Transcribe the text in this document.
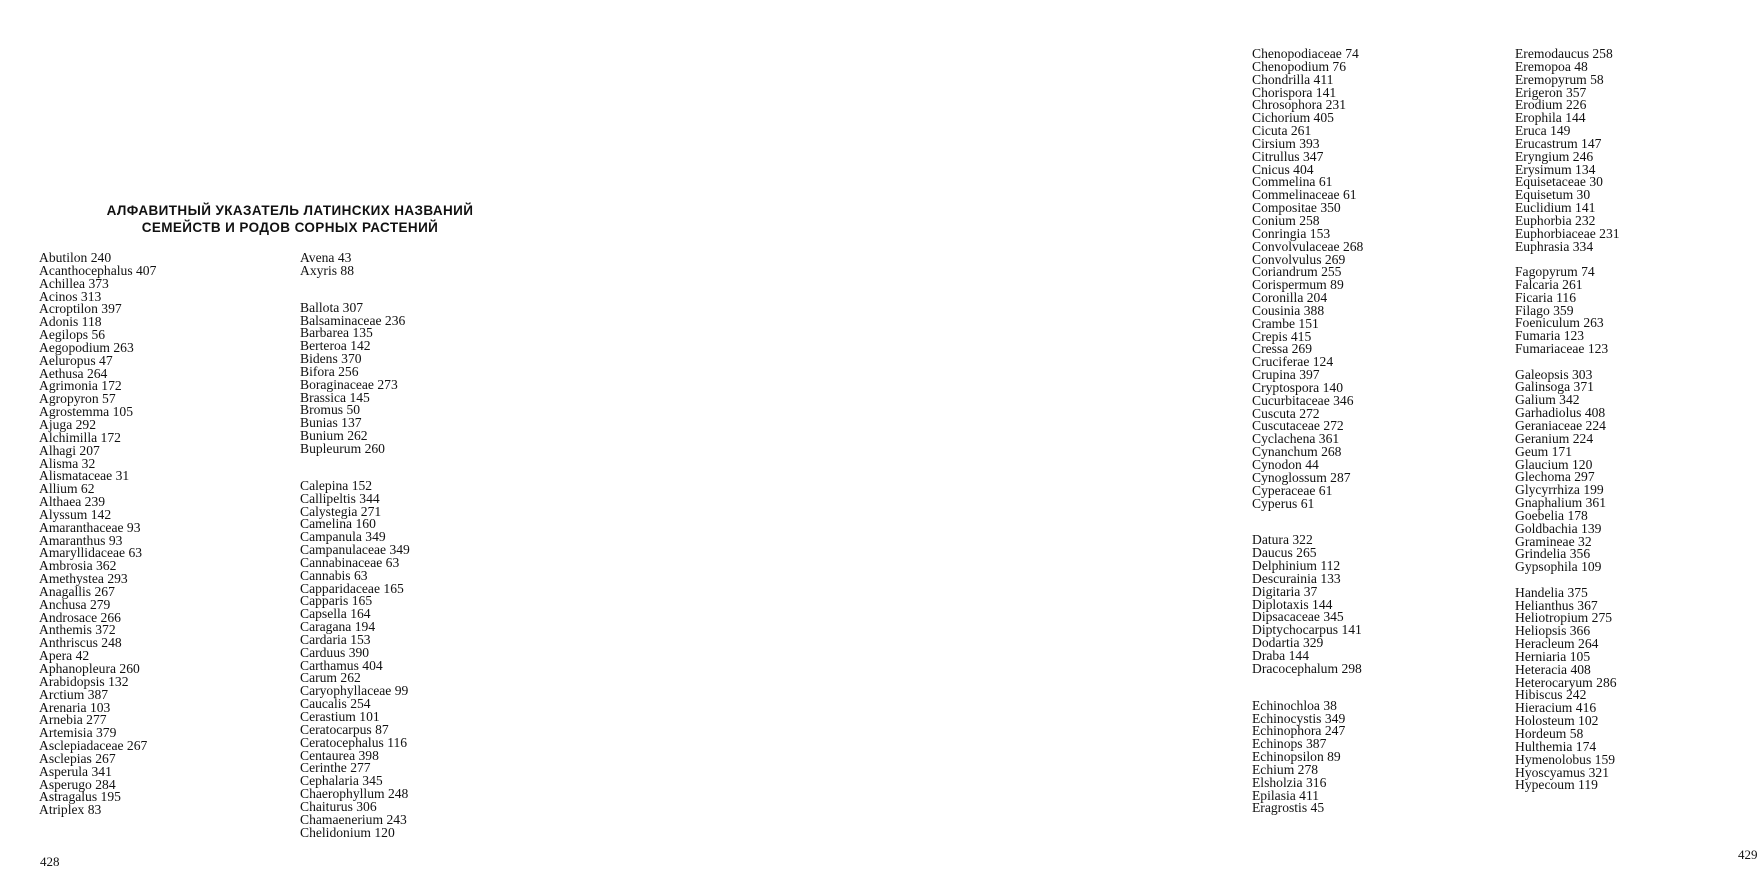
АЛФАВИТНЫЙ УКАЗАТЕЛЬ ЛАТИНСКИХ НАЗВАНИЙ
СЕМЕЙСТВ И РОДОВ СОРНЫХ РАСТЕНИЙ
Abutilon 240
Acanthocephalus 407
Achillea 373
Acinos 313
Acroptilon 397
Adonis 118
Aegilops 56
Aegopodium 263
Aeluropus 47
Aethusa 264
Agrimonia 172
Agropyron 57
Agrostemma 105
Ajuga 292
Alchimilla 172
Alhagi 207
Alisma 32
Alismataceae 31
Allium 62
Althaea 239
Alyssum 142
Amaranthaceae 93
Amaranthus 93
Amaryllidaceae 63
Ambrosia 362
Amethystea 293
Anagallis 267
Anchusa 279
Androsace 266
Anthemis 372
Anthriscus 248
Apera 42
Aphanopleura 260
Arabidopsis 132
Arctium 387
Arenaria 103
Arnebia 277
Artemisia 379
Asclepiadaceae 267
Asclepias 267
Asperula 341
Asperugo 284
Astragalus 195
Atriplex 83
Avena 43
Axyris 88
Ballota 307
Balsaminaceae 236
Barbarea 135
Berteroa 142
Bidens 370
Bifora 256
Boraginaceae 273
Brassica 145
Bromus 50
Bunias 137
Bunium 262
Bupleurum 260
Calepina 152
Callipeltis 344
Calystegia 271
Camelina 160
Campanula 349
Campanulaceae 349
Cannabinaceae 63
Cannabis 63
Capparidaceae 165
Capparis 165
Capsella 164
Caragana 194
Cardaria 153
Carduus 390
Carthamus 404
Carum 262
Caryophyllaceae 99
Caucalis 254
Cerastium 101
Ceratocarpus 87
Ceratocephalus 116
Centaurea 398
Cerinthe 277
Cephalaria 345
Chaerophyllum 248
Chaiturus 306
Chamaenerium 243
Chelidonium 120
428
Chenopodiaceae 74
Chenopodium 76
Chondrilla 411
Chorispora 141
Chrosophora 231
Cichorium 405
Cicuta 261
Cirsium 393
Citrullus 347
Cnicus 404
Commelina 61
Commelinaceae 61
Compositae 350
Conium 258
Conringia 153
Convolvulaceae 268
Convolvulus 269
Coriandrum 255
Corispermum 89
Coronilla 204
Cousinia 388
Crambe 151
Crepis 415
Cressa 269
Cruciferae 124
Crupina 397
Cryptospora 140
Cucurbitaceae 346
Cuscuta 272
Cuscutaceae 272
Cyclachena 361
Cynanchum 268
Cynodon 44
Cynoglossum 287
Cyperaceae 61
Cyperus 61
Datura 322
Daucus 265
Delphinium 112
Descurainia 133
Digitaria 37
Diplotaxis 144
Dipsacaceae 345
Diptychocarpus 141
Dodartia 329
Draba 144
Dracocephalum 298
Echinochloa 38
Echinocystis 349
Echinophora 247
Echinops 387
Echinopsilon 89
Echium 278
Elsholzia 316
Epilasia 411
Eragrostis 45
Eremodaucus 258
Eremopoa 48
Eremopyrum 58
Erigeron 357
Erodium 226
Erophila 144
Eruca 149
Erucastrum 147
Eryngium 246
Erysimum 134
Equisetaceae 30
Equisetum 30
Euclidium 141
Euphorbia 232
Euphorbiaceae 231
Euphrasia 334
Fagopyrum 74
Falcaria 261
Ficaria 116
Filago 359
Foeniculum 263
Fumaria 123
Fumariaceae 123
Galeopsis 303
Galinsoga 371
Galium 342
Garhadiolus 408
Geraniaceae 224
Geranium 224
Geum 171
Glaucium 120
Glechoma 297
Glycyrrhiza 199
Gnaphalium 361
Goebelia 178
Goldbachia 139
Gramineae 32
Grindelia 356
Gypsophila 109
Handelia 375
Helianthus 367
Heliotropium 275
Heliopsis 366
Heracleum 264
Herniaria 105
Heteracia 408
Heterocaryum 286
Hibiscus 242
Hieracium 416
Holosteum 102
Hordeum 58
Hulthemia 174
Hymenolobus 159
Hyoscyamus 321
Hypecoum 119
429
